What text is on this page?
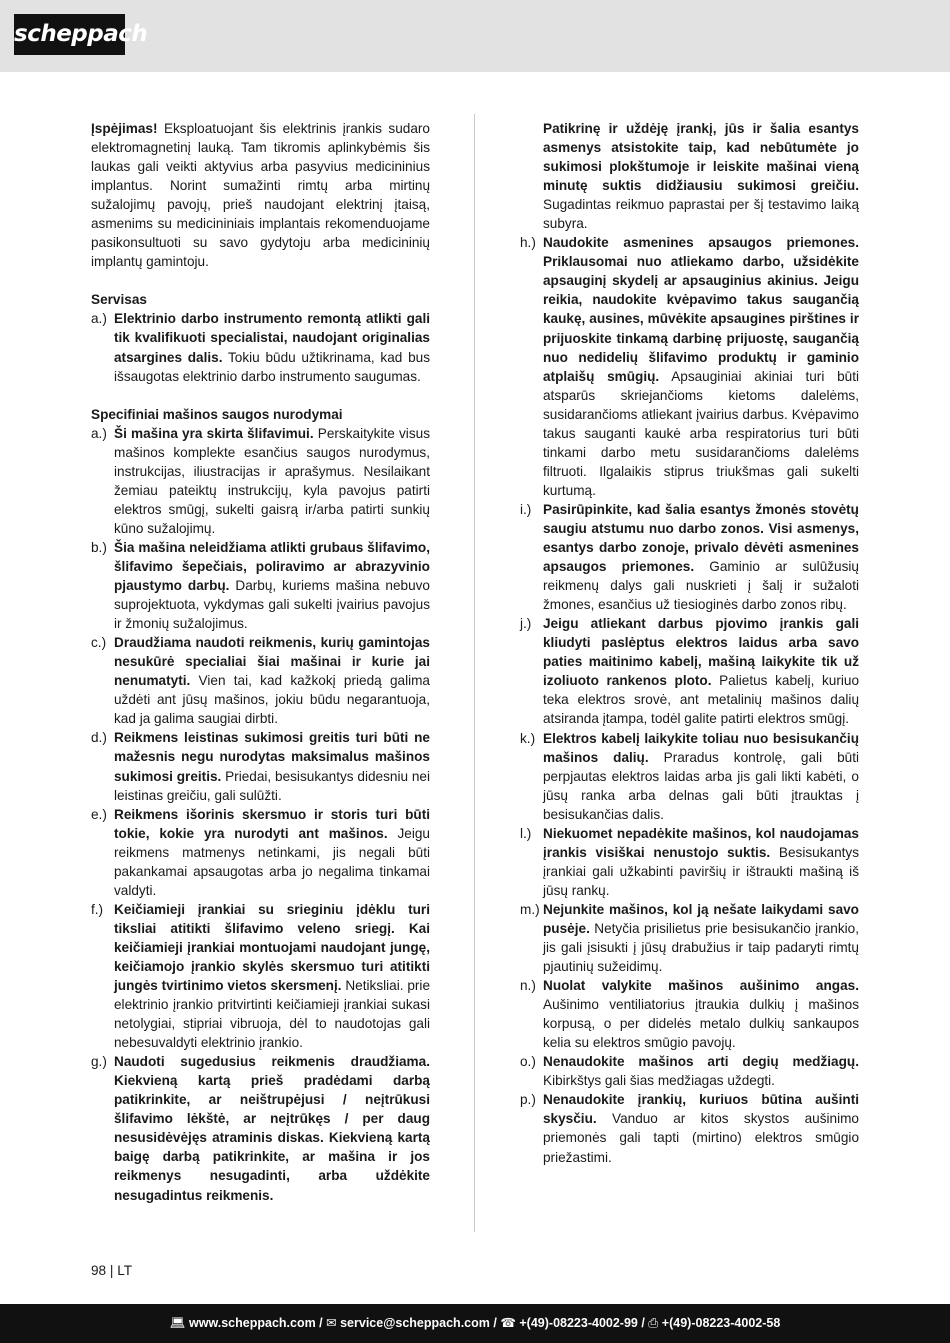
scheppach

Įspėjimas! Eksploatuojant šis elektrinis įrankis sudaro elektromagnetinį lauką. Tam tikromis aplinkybėmis šis laukas gali veikti aktyvius arba pasyvius medicininius implantus. Norint sumažinti rimtų arba mirtinų sužalojimų pavojų, prieš naudojant elektrinį įtaisą, asmenims su medicininiais implantais rekomenduojame pasikonsultuoti su savo gydytoju arba medicininių implantų gamintoju.

Servisas

a.) Elektrinio darbo instrumento remontą atlikti gali tik kvalifikuoti specialistai, naudojant originalias atsargines dalis. Tokiu būdu užtikrinama, kad bus išsaugotas elektrinio darbo instrumento saugumas.

Specifiniai mašinos saugos nurodymai

a.) Ši mašina yra skirta šlifavimui. Perskaitykite visus mašinos komplekte esančius saugos nurodymus, instrukcijas, iliustracijas ir aprašymus. Nesilaikant žemiau pateiktų instrukcijų, kyla pavojus patirti elektros smūgį, sukelti gaisrą ir/arba patirti sunkių kūno sužalojimų.
b.) Šia mašina neleidžiama atlikti grubaus šlifavimo, šlifavimo šepečiais, poliravimo ar abrazyvinio pjaustymo darbų. Darbų, kuriems mašina nebuvo suprojektuota, vykdymas gali sukelti įvairius pavojus ir žmonių sužalojimus.
c.) Draudžiama naudoti reikmenis, kurių gamintojas nesukūrė specialiai šiai mašinai ir kurie jai nenumatyti. Vien tai, kad kažkokį priedą galima uždėti ant jūsų mašinos, jokiu būdu negarantuoja, kad ja galima saugiai dirbti.
d.) Reikmens leistinas sukimosi greitis turi būti ne mažesnis negu nurodytas maksimalus mašinos sukimosi greitis. Priedai, besisukantys didesniu nei leistinas greičiu, gali sulūžti.
e.) Reikmens išorinis skersmuo ir storis turi būti tokie, kokie yra nurodyti ant mašinos. Jeigu reikmens matmenys netinkami, jis negali būti pakankamai apsaugotas arba jo negalima tinkamai valdyti.
f.) Keičiamieji įrankiai su srieginiu įdėklu turi tiksliai atitikti šlifavimo veleno sriegį. Kai keičiamieji įrankiai montuojami naudojant jungę, keičiamojo įrankio skylės skersmuo turi atitikti jungės tvirtinimo vietos skersmenį. Netiksliai. prie elektrinio įrankio pritvirtinti keičiamieji įrankiai sukasi netolygiai, stipriai vibruoja, dėl to naudotojas gali nebesuvaldyti elektrinio įrankio.
g.) Naudoti sugedusius reikmenis draudžiama. Kiekvieną kartą prieš pradėdami darbą patikrinkite, ar neištrupėjusi / neįtrūkusi šlifavimo lėkštė, ar neįtrūkęs / per daug nesusidėvėjęs atraminis diskas. Kiekvieną kartą baigę darbą patikrinkite, ar mašina ir jos reikmenys nesugadinti, arba uždėkite nesugadintus reikmenis.
Patikrinę ir uždėję įrankį, jūs ir šalia esantys asmenys atsistokite taip, kad nebūtumėte jo sukimosi plokštumoje ir leiskite mašinai vieną minutę suktis didžiausiu sukimosi greičiu. Sugadintas reikmuo paprastai per šį testavimo laiką subyra.
h.) Naudokite asmenines apsaugos priemones. Priklausomai nuo atliekamo darbo, užsidėkite apsauginį skydelį ar apsauginius akinius. Jeigu reikia, naudokite kvėpavimo takus saugančią kaukę, ausines, mūvėkite apsaugines pirštines ir prijuoskite tinkamą darbinę prijuostę, saugančią nuo nedidelių šlifavimo produktų ir gaminio atplaišų smūgių. Apsauginiai akiniai turi būti atsparūs skriejančioms kietoms dalelėms, susidarančioms atliekant įvairius darbus. Kvėpavimo takus sauganti kaukė arba respiratorius turi būti tinkami darbo metu susidarančioms dalelėms filtruoti. Ilgalaikis stiprus triukšmas gali sukelti kurtumą.
i.) Pasirūpinkite, kad šalia esantys žmonės stovėtų saugiu atstumu nuo darbo zonos. Visi asmenys, esantys darbo zonoje, privalo dėvėti asmenines apsaugos priemones. Gaminio ar sulūžusių reikmenų dalys gali nuskrieti į šalį ir sužaloti žmones, esančius už tiesioginės darbo zonos ribų.
j.) Jeigu atliekant darbus pjovimo įrankis gali kliudyti paslėptus elektros laidus arba savo paties maitinimo kabelį, mašiną laikykite tik už izoliuoto rankenos ploto. Palietus kabelį, kuriuo teka elektros srovė, ant metalinių mašinos dalių atsiranda įtampa, todėl galite patirti elektros smūgį.
k.) Elektros kabelį laikykite toliau nuo besisukančių mašinos dalių. Praradus kontrolę, gali būti perpjautas elektros laidas arba jis gali likti kabėti, o jūsų ranka arba delnas gali būti įtrauktas į besisukančias dalis.
l.) Niekuomet nepadėkite mašinos, kol naudojamas įrankis visiškai nenustojo suktis. Besisukantys įrankiai gali užkabinti paviršių ir ištraukti mašiną iš jūsų rankų.
m.) Nejunkite mašinos, kol ją nešate laikydami savo pusėje. Netyčia prisilietus prie besisukančio įrankio, jis gali įsisukti į jūsų drabužius ir taip padaryti rimtų pjautinių sužeidimų.
n.) Nuolat valykite mašinos aušinimo angas. Aušinimo ventiliatorius įtraukia dulkių į mašinos korpusą, o per didelės metalo dulkių sankaupos kelia su elektros smūgio pavojų.
o.) Nenaudokite mašinos arti degių medžiagų. Kibirkštys gali šias medžiagas uždegti.
p.) Nenaudokite įrankių, kuriuos būtina aušinti skysčiu. Vanduo ar kitos skystos aušinimo priemonės gali tapti (mirtino) elektros smūgio priežastimi.
98 | LT
💻︎ www.scheppach.com / ✉︎ service@scheppach.com / ☎︎ +(49)-08223-4002-99 / ⎙ +(49)-08223-4002-58
